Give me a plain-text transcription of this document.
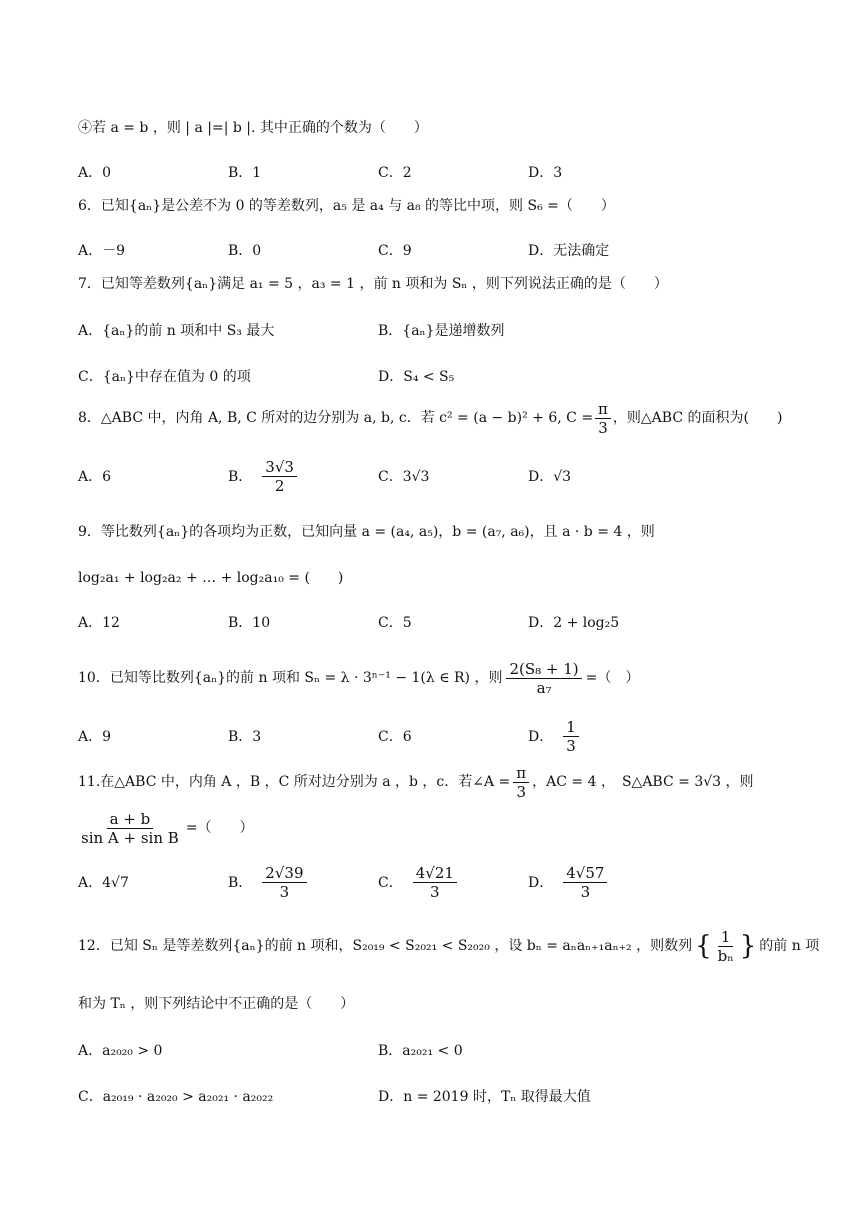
④若 a = b ，则 | a |=| b |. 其中正确的个数为（　　）
A．0	B．1	C．2	D．3
6．已知{aₙ}是公差不为 0 的等差数列，a₅ 是 a₄ 与 a₈ 的等比中项，则 S₆ =（　　）
A．－9	B．0	C．9	D．无法确定
7．已知等差数列{aₙ}满足 a₁ = 5 ，a₃ = 1 ，前 n 项和为 Sₙ ，则下列说法正确的是（　　）
A．{aₙ}的前 n 项和中 S₃ 最大	B．{aₙ}是递增数列
C．{aₙ}中存在值为 0 的项	D．S₄ < S₅
8．△ABC 中，内角 A, B, C 所对的边分别为 a, b, c．若 c² = (a − b)² + 6, $C = \frac{\pi}{3}$ ，则△ABC 的面积为(　　)
A．6	B． $\frac{3√3}{2}$	C．3√3	D．√3
9．等比数列{aₙ}的各项均为正数，已知向量 a = (a₄, a₅)，b = (a₇, a₆)，且 a · b = 4 ，则
log₂a₁ + log₂a₂ + … + log₂a₁₀ = (　　)
A．12	B．10	C．5	D．2 + log₂5
10．已知等比数列{aₙ}的前 n 项和 Sₙ = λ · 3ⁿ⁻¹ − 1(λ ∈ R) ，则 $\frac{\text{2(S₈ + 1)}}{\text{a₇}}$ =（　）
A．9	B．3	C．6	D． $\frac{1}{3}$
11.在△ABC 中，内角 A ，B ，C 所对边分别为 a ，b ，c．若∠A = $\frac{\pi}{3}$ ，AC = 4 ，　S△ABC = 3√3 ，则
$\frac{a + b}{\text{sin A + sin B}}$ =（　　）
A．4√7	B． $\frac{2√39}{3}$	C． $\frac{4√21}{3}$	D． $\frac{4√57}{3}$
12．已知 Sₙ 是等差数列{aₙ}的前 n 项和，S₂₀₁₉ < S₂₀₂₁ < S₂₀₂₀ ，设 bₙ = aₙaₙ₊₁aₙ₊₂ ，则数列 { $\frac{1}{\text{bₙ}}$ } 的前 n 项
和为 Tₙ ，则下列结论中不正确的是（　　）
A．a₂₀₂₀ > 0	B．a₂₀₂₁ < 0
C．a₂₀₁₉ · a₂₀₂₀ > a₂₀₂₁ · a₂₀₂₂	D．n = 2019 时，Tₙ 取得最大值
